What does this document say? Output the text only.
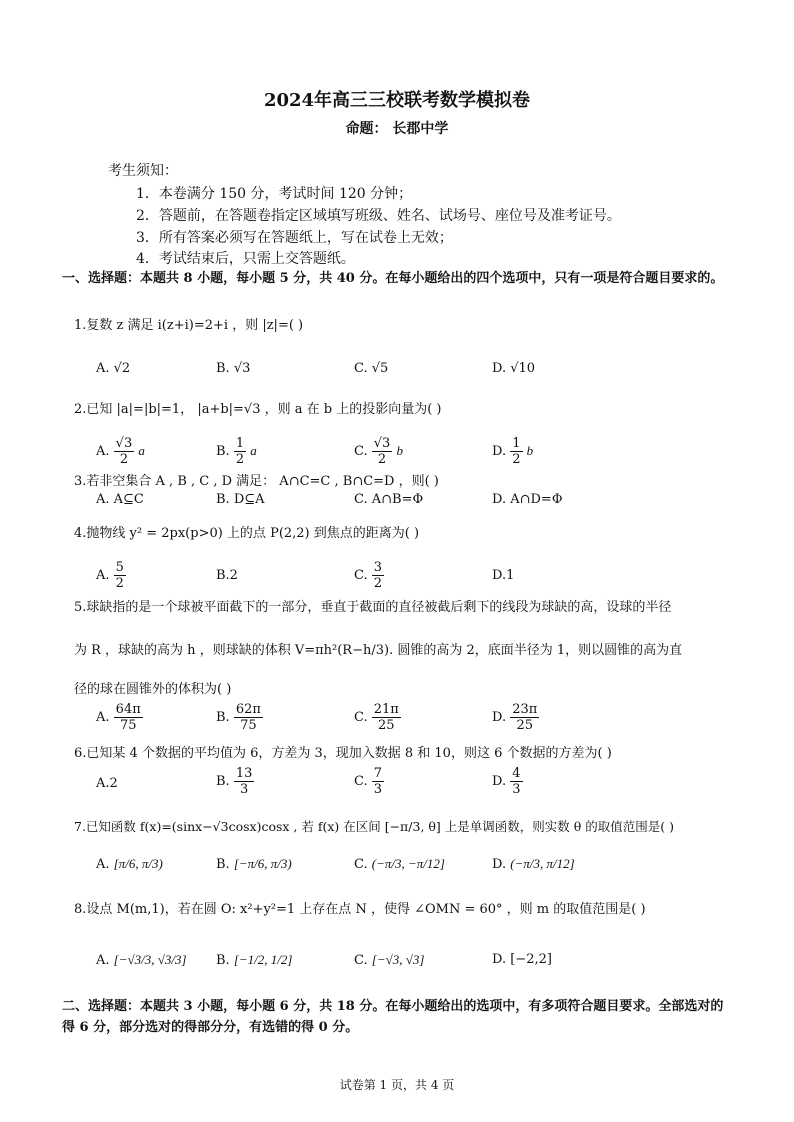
2024年高三三校联考数学模拟卷
命题： 长郡中学
考生须知：
1．本卷满分 150 分，考试时间 120 分钟；
2．答题前，在答题卷指定区域填写班级、姓名、试场号、座位号及准考证号。
3．所有答案必须写在答题纸上，写在试卷上无效；
4．考试结束后，只需上交答题纸。
一、选择题：本题共 8 小题，每小题 5 分，共 40 分。在每小题给出的四个选项中，只有一项是符合题目要求的。
1.复数 z 满足 i(z+i)=2+i ，则 |z|=( )
A. √2	B. √3	C. √5	D. √10
2.已知 |a|=|b|=1， |a+b|=√3 ，则 a 在 b 上的投影向量为( )
A. $\frac{√3}{2}$ a	B. $\frac{1}{2}$ a	C. $\frac{√3}{2}$ b	D. $\frac{1}{2}$ b
3.若非空集合 A , B , C , D 满足： A∩C=C , B∩C=D ，则( )
A. A⊆C	B. D⊆A	C. A∩B=Φ	D. A∩D=Φ
4.抛物线 y² = 2px(p>0) 上的点 P(2,2) 到焦点的距离为( )
A. $\frac{5}{2}$	B.2	C. $\frac{3}{2}$	D.1
5.球缺指的是一个球被平面截下的一部分，垂直于截面的直径被截后剩下的线段为球缺的高，设球的半径
为 R ，球缺的高为 h ，则球缺的体积 V=πh²(R−h/3). 圆锥的高为 2，底面半径为 1，则以圆锥的高为直
径的球在圆锥外的体积为( )
A. $\frac{64\pi}{75}$	B. $\frac{62\pi}{75}$	C. $\frac{21\pi}{25}$	D. $\frac{23\pi}{25}$
6.已知某 4 个数据的平均值为 6，方差为 3，现加入数据 8 和 10，则这 6 个数据的方差为( )
A.2	B. $\frac{13}{3}$	C. $\frac{7}{3}$	D. $\frac{4}{3}$
7.已知函数 f(x)=(sinx−√3cosx)cosx , 若 f(x) 在区间 [−π/3, θ] 上是单调函数，则实数 θ 的取值范围是( )
A. [π/6, π/3)	B. [−π/6, π/3)	C. (−π/3, −π/12]	D. (−π/3, π/12]
8.设点 M(m,1)，若在圆 O: x²+y²=1 上存在点 N ，使得 ∠OMN = 60° ，则 m 的取值范围是( )
A. [−√3/3, √3/3] B. [−1/2, 1/2]	C. [−√3, √3]	D. [−2,2]
二、选择题：本题共 3 小题，每小题 6 分，共 18 分。在每小题给出的选项中，有多项符合题目要求。全部选对的得 6 分，部分选对的得部分分，有选错的得 0 分。
试卷第 1 页，共 4 页
